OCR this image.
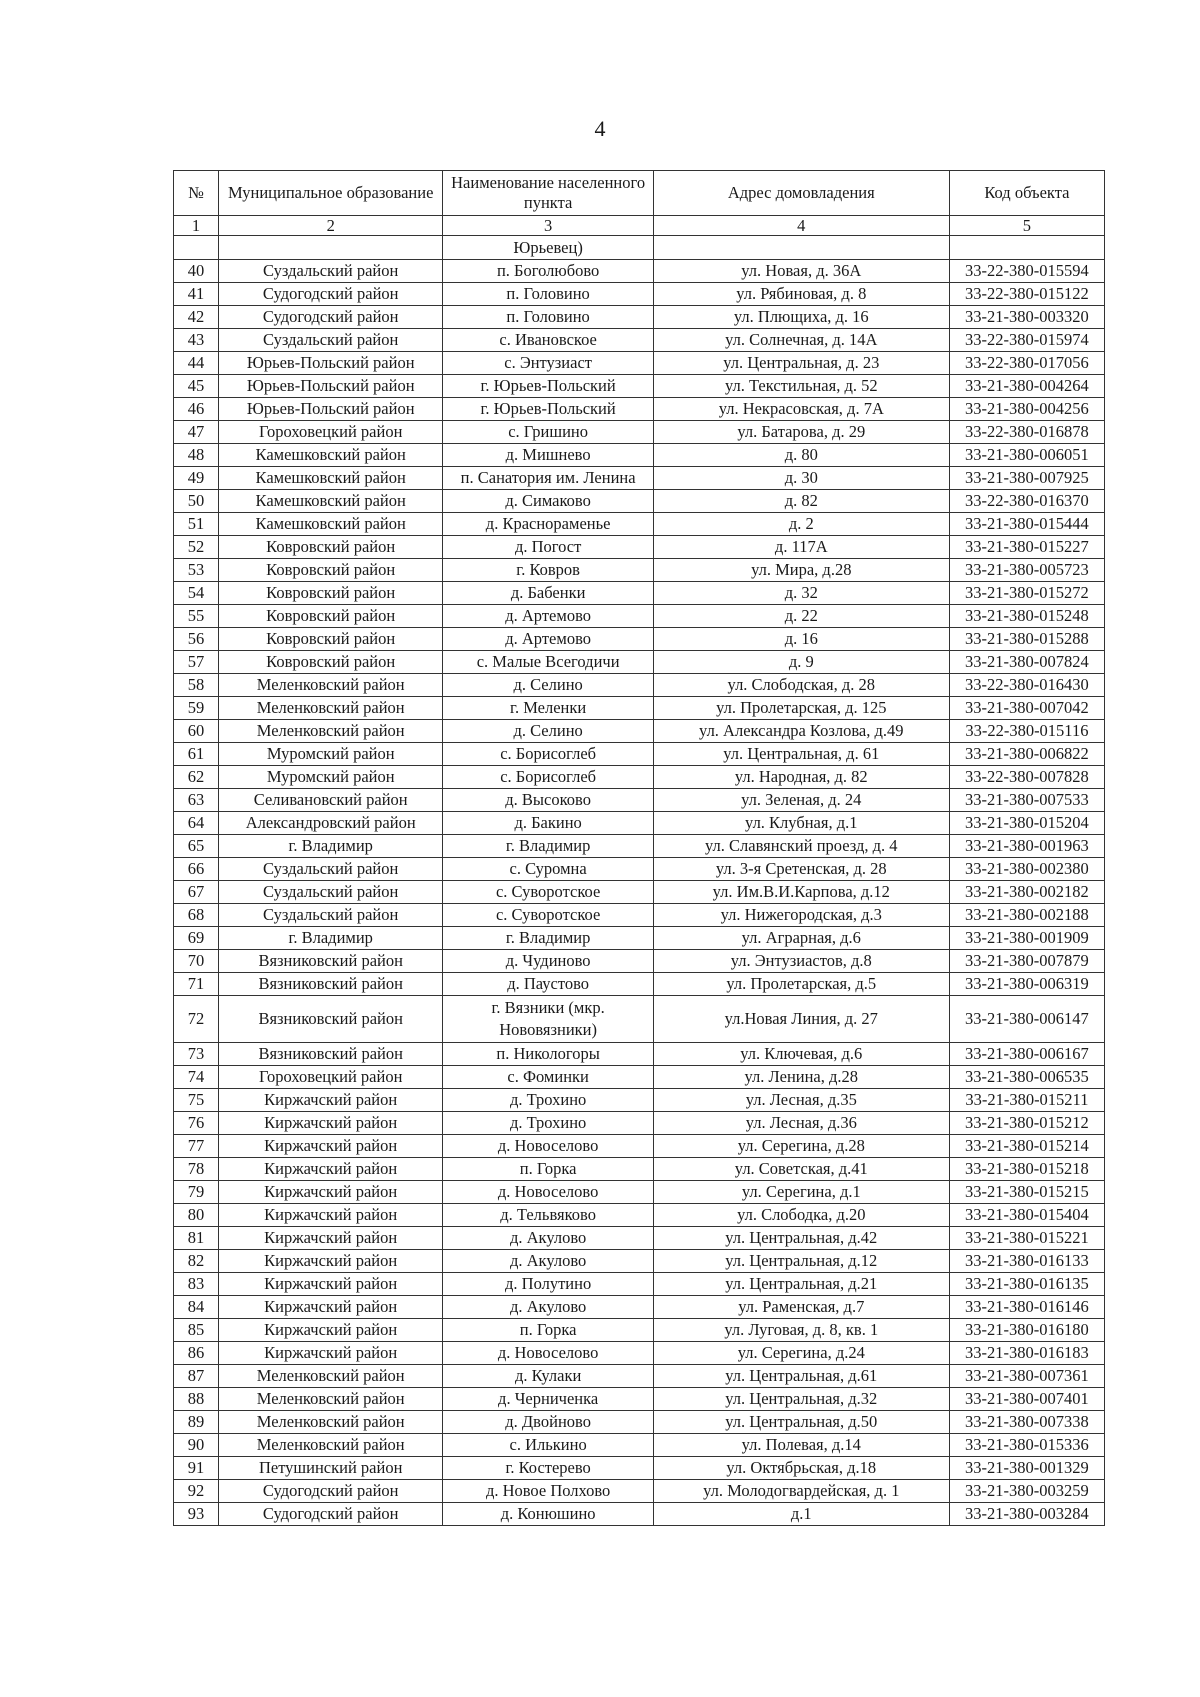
4
№	Муниципальное образование	Наименование населенного пункта	Адрес домовладения	Код объекта
1	2	3	4	5
		Юрьевец)		
40	Суздальский район	п. Боголюбово	ул. Новая, д. 36А	33-22-380-015594
41	Судогодский район	п. Головино	ул. Рябиновая, д. 8	33-22-380-015122
42	Судогодский район	п. Головино	ул. Плющиха, д. 16	33-21-380-003320
43	Суздальский район	с. Ивановское	ул. Солнечная, д. 14А	33-22-380-015974
44	Юрьев-Польский район	с. Энтузиаст	ул. Центральная, д. 23	33-22-380-017056
45	Юрьев-Польский район	г. Юрьев-Польский	ул. Текстильная, д. 52	33-21-380-004264
46	Юрьев-Польский район	г. Юрьев-Польский	ул. Некрасовская, д. 7А	33-21-380-004256
47	Гороховецкий район	с. Гришино	ул. Батарова, д. 29	33-22-380-016878
48	Камешковский район	д. Мишнево	д. 80	33-21-380-006051
49	Камешковский район	п. Санатория им. Ленина	д. 30	33-21-380-007925
50	Камешковский район	д. Симаково	д. 82	33-22-380-016370
51	Камешковский район	д. Краснораменье	д. 2	33-21-380-015444
52	Ковровский район	д. Погост	д. 117А	33-21-380-015227
53	Ковровский район	г. Ковров	ул. Мира, д.28	33-21-380-005723
54	Ковровский район	д. Бабенки	д. 32	33-21-380-015272
55	Ковровский район	д. Артемово	д. 22	33-21-380-015248
56	Ковровский район	д. Артемово	д. 16	33-21-380-015288
57	Ковровский район	с. Малые Всегодичи	д. 9	33-21-380-007824
58	Меленковский район	д. Селино	ул. Слободская, д. 28	33-22-380-016430
59	Меленковский район	г. Меленки	ул. Пролетарская, д. 125	33-21-380-007042
60	Меленковский район	д. Селино	ул. Александра Козлова, д.49	33-22-380-015116
61	Муромский район	с. Борисоглеб	ул. Центральная, д. 61	33-21-380-006822
62	Муромский район	с. Борисоглеб	ул. Народная, д. 82	33-22-380-007828
63	Селивановский район	д. Высоково	ул. Зеленая, д. 24	33-21-380-007533
64	Александровский район	д. Бакино	ул. Клубная, д.1	33-21-380-015204
65	г. Владимир	г. Владимир	ул. Славянский проезд, д. 4	33-21-380-001963
66	Суздальский район	с. Суромна	ул. 3-я Сретенская, д. 28	33-21-380-002380
67	Суздальский район	с. Суворотское	ул. Им.В.И.Карпова, д.12	33-21-380-002182
68	Суздальский район	с. Суворотское	ул. Нижегородская, д.3	33-21-380-002188
69	г. Владимир	г. Владимир	ул. Аграрная, д.6	33-21-380-001909
70	Вязниковский район	д. Чудиново	ул. Энтузиастов, д.8	33-21-380-007879
71	Вязниковский район	д. Паустово	ул. Пролетарская, д.5	33-21-380-006319
72	Вязниковский район	г. Вязники (мкр. Нововязники)	ул.Новая Линия, д. 27	33-21-380-006147
73	Вязниковский район	п. Никологоры	ул. Ключевая, д.6	33-21-380-006167
74	Гороховецкий район	с. Фоминки	ул. Ленина, д.28	33-21-380-006535
75	Киржачский район	д. Трохино	ул. Лесная, д.35	33-21-380-015211
76	Киржачский район	д. Трохино	ул. Лесная, д.36	33-21-380-015212
77	Киржачский район	д. Новоселово	ул. Серегина, д.28	33-21-380-015214
78	Киржачский район	п. Горка	ул. Советская, д.41	33-21-380-015218
79	Киржачский район	д. Новоселово	ул. Серегина, д.1	33-21-380-015215
80	Киржачский район	д. Тельвяково	ул. Слободка, д.20	33-21-380-015404
81	Киржачский район	д. Акулово	ул. Центральная, д.42	33-21-380-015221
82	Киржачский район	д. Акулово	ул. Центральная, д.12	33-21-380-016133
83	Киржачский район	д. Полутино	ул. Центральная, д.21	33-21-380-016135
84	Киржачский район	д. Акулово	ул. Раменская, д.7	33-21-380-016146
85	Киржачский район	п. Горка	ул. Луговая, д. 8, кв. 1	33-21-380-016180
86	Киржачский район	д. Новоселово	ул. Серегина, д.24	33-21-380-016183
87	Меленковский район	д. Кулаки	ул. Центральная, д.61	33-21-380-007361
88	Меленковский район	д. Черниченка	ул. Центральная, д.32	33-21-380-007401
89	Меленковский район	д. Двойново	ул. Центральная, д.50	33-21-380-007338
90	Меленковский район	с. Илькино	ул. Полевая, д.14	33-21-380-015336
91	Петушинский район	г. Костерево	ул. Октябрьская, д.18	33-21-380-001329
92	Судогодский район	д. Новое Полхово	ул. Молодогвардейская, д. 1	33-21-380-003259
93	Судогодский район	д. Конюшино	д.1	33-21-380-003284
